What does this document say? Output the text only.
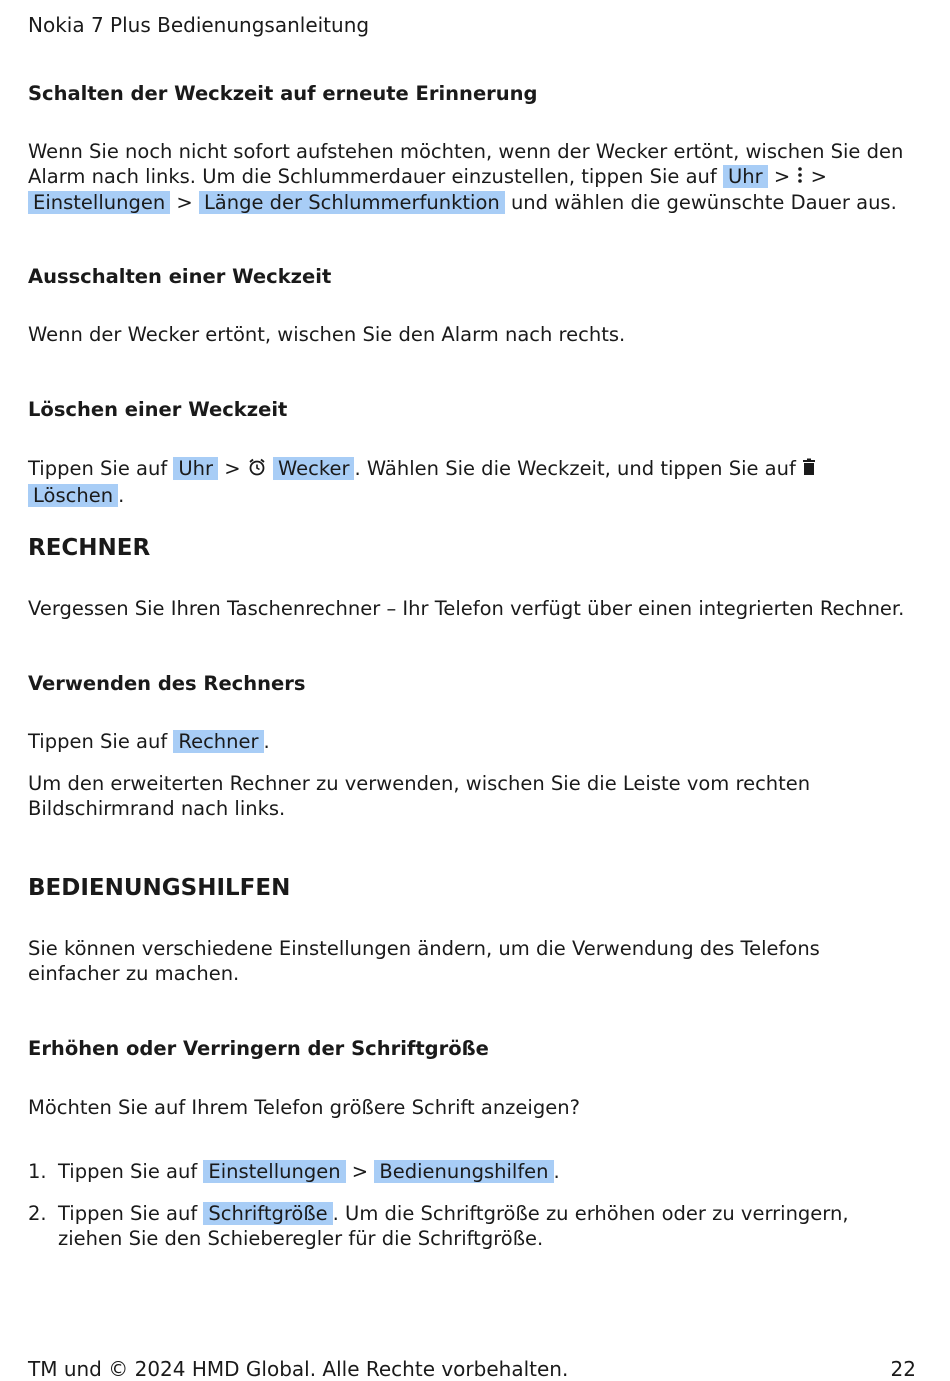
Nokia 7 Plus Bedienungsanleitung
Schalten der Weckzeit auf erneute Erinnerung

Wenn Sie noch nicht sofort aufstehen möchten, wenn der Wecker ertönt, wischen Sie den Alarm nach links. Um die Schlummerdauer einzustellen, tippen Sie auf Uhr >  > Einstellungen > Länge der Schlummerfunktion und wählen die gewünschte Dauer aus.

Ausschalten einer Weckzeit

Wenn der Wecker ertönt, wischen Sie den Alarm nach rechts.

Löschen einer Weckzeit

Tippen Sie auf Uhr >  Wecker . Wählen Sie die Weckzeit, und tippen Sie auf  Löschen .

RECHNER

Vergessen Sie Ihren Taschenrechner – Ihr Telefon verfügt über einen integrierten Rechner.

Verwenden des Rechners

Tippen Sie auf Rechner .

Um den erweiterten Rechner zu verwenden, wischen Sie die Leiste vom rechten Bildschirmrand nach links.

BEDIENUNGSHILFEN

Sie können verschiedene Einstellungen ändern, um die Verwendung des Telefons einfacher zu machen.

Erhöhen oder Verringern der Schriftgröße

Möchten Sie auf Ihrem Telefon größere Schrift anzeigen?

1. Tippen Sie auf Einstellungen > Bedienungshilfen .
2. Tippen Sie auf Schriftgröße . Um die Schriftgröße zu erhöhen oder zu verringern, ziehen Sie den Schieberegler für die Schriftgröße.
TM und © 2024 HMD Global. Alle Rechte vorbehalten.	22
